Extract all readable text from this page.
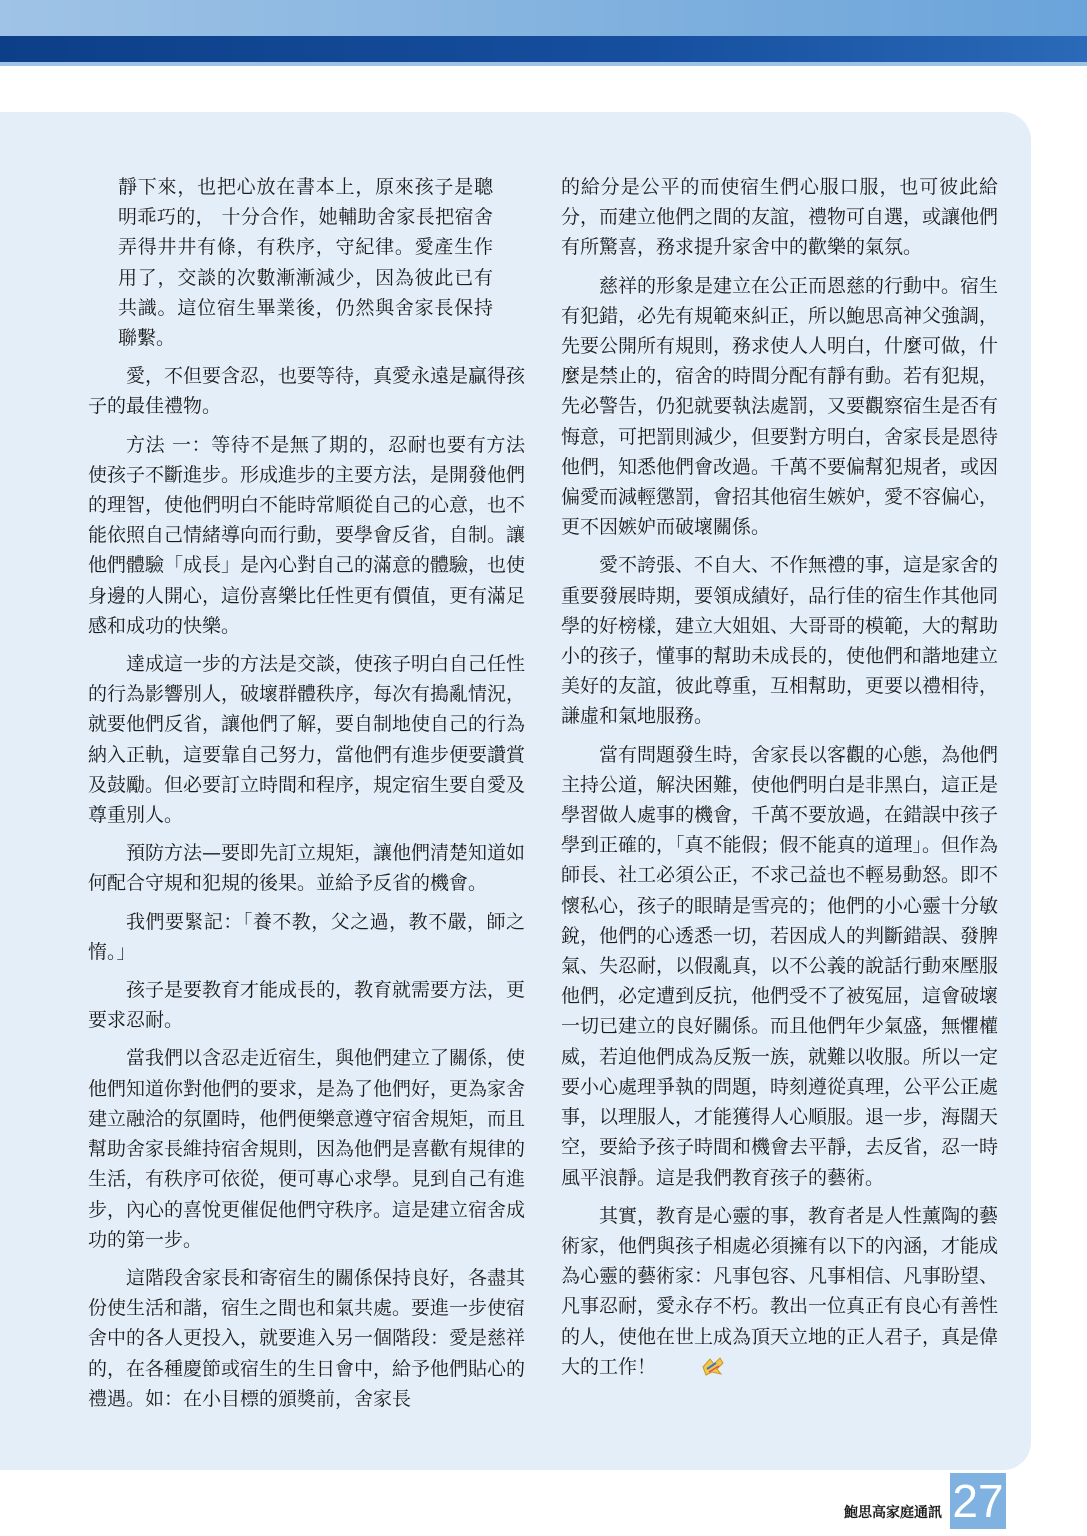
靜下來，也把心放在書本上，原來孩子是聰明乖巧的， 十分合作，她輔助舍家長把宿舍弄得井井有條，有秩序，守紀律。愛產生作用了，交談的次數漸漸減少，因為彼此已有共識。這位宿生畢業後，仍然與舍家長保持聯繫。

愛，不但要含忍，也要等待，真愛永遠是贏得孩子的最佳禮物。

方法 一：等待不是無了期的，忍耐也要有方法使孩子不斷進步。形成進步的主要方法，是開發他們的理智，使他們明白不能時常順從自己的心意，也不能依照自己情緒導向而行動，要學會反省，自制。讓他們體驗「成長」是內心對自己的滿意的體驗，也使身邊的人開心，這份喜樂比任性更有價值，更有滿足感和成功的快樂。

達成這一步的方法是交談，使孩子明白自己任性的行為影響別人，破壞群體秩序，每次有搗亂情況，就要他們反省，讓他們了解，要自制地使自己的行為納入正軌，這要靠自己努力，當他們有進步便要讚賞及鼓勵。但必要訂立時間和程序，規定宿生要自愛及尊重別人。

預防方法—要即先訂立規矩，讓他們清楚知道如何配合守規和犯規的後果。並給予反省的機會。

我們要緊記：「養不教，父之過，教不嚴，師之惰。」

孩子是要教育才能成長的，教育就需要方法，更要求忍耐。

當我們以含忍走近宿生，與他們建立了關係，使他們知道你對他們的要求，是為了他們好，更為家舍建立融洽的氛圍時，他們便樂意遵守宿舍規矩，而且幫助舍家長維持宿舍規則，因為他們是喜歡有規律的生活，有秩序可依從，便可專心求學。見到自己有進步，內心的喜悅更催促他們守秩序。這是建立宿舍成功的第一步。

這階段舍家長和寄宿生的關係保持良好，各盡其份使生活和諧，宿生之間也和氣共處。要進一步使宿舍中的各人更投入，就要進入另一個階段：愛是慈祥的，在各種慶節或宿生的生日會中，給予他們貼心的禮遇。如：在小目標的頒獎前，舍家長

的給分是公平的而使宿生們心服口服，也可彼此給分，而建立他們之間的友誼，禮物可自選，或讓他們有所驚喜，務求提升家舍中的歡樂的氣氛。

慈祥的形象是建立在公正而恩慈的行動中。宿生有犯錯，必先有規範來糾正，所以鮑思高神父強調，先要公開所有規則，務求使人人明白，什麼可做，什麼是禁止的，宿舍的時間分配有靜有動。若有犯規，先必警告，仍犯就要執法處罰，又要觀察宿生是否有悔意，可把罰則減少，但要對方明白，舍家長是恩待他們，知悉他們會改過。千萬不要偏幫犯規者，或因偏愛而減輕懲罰，會招其他宿生嫉妒，愛不容偏心，更不因嫉妒而破壞關係。

愛不誇張、不自大、不作無禮的事，這是家舍的重要發展時期，要領成績好，品行佳的宿生作其他同學的好榜樣，建立大姐姐、大哥哥的模範，大的幫助小的孩子，懂事的幫助未成長的，使他們和諧地建立美好的友誼，彼此尊重，互相幫助，更要以禮相待，謙虛和氣地服務。

當有問題發生時，舍家長以客觀的心態，為他們主持公道，解決困難，使他們明白是非黑白，這正是學習做人處事的機會，千萬不要放過，在錯誤中孩子學到正確的，「真不能假；假不能真的道理」。但作為師長、社工必須公正，不求己益也不輕易動怒。即不懷私心，孩子的眼睛是雪亮的；他們的小心靈十分敏銳，他們的心透悉一切，若因成人的判斷錯誤、發脾氣、失忍耐，以假亂真，以不公義的說話行動來壓服他們，必定遭到反抗，他們受不了被冤屈，這會破壞一切已建立的良好關係。而且他們年少氣盛，無懼權威，若迫他們成為反叛一族，就難以收服。所以一定要小心處理爭執的問題，時刻遵從真理，公平公正處事，以理服人，才能獲得人心順服。退一步，海闊天空，要給予孩子時間和機會去平靜，去反省，忍一時風平浪靜。這是我們教育孩子的藝術。

其實，教育是心靈的事，教育者是人性薰陶的藝術家，他們與孩子相處必須擁有以下的內涵，才能成為心靈的藝術家：凡事包容、凡事相信、凡事盼望、凡事忍耐，愛永存不朽。教出一位真正有良心有善性的人，使他在世上成為頂天立地的正人君子，真是偉大的工作！

鮑思高家庭通訊 27
